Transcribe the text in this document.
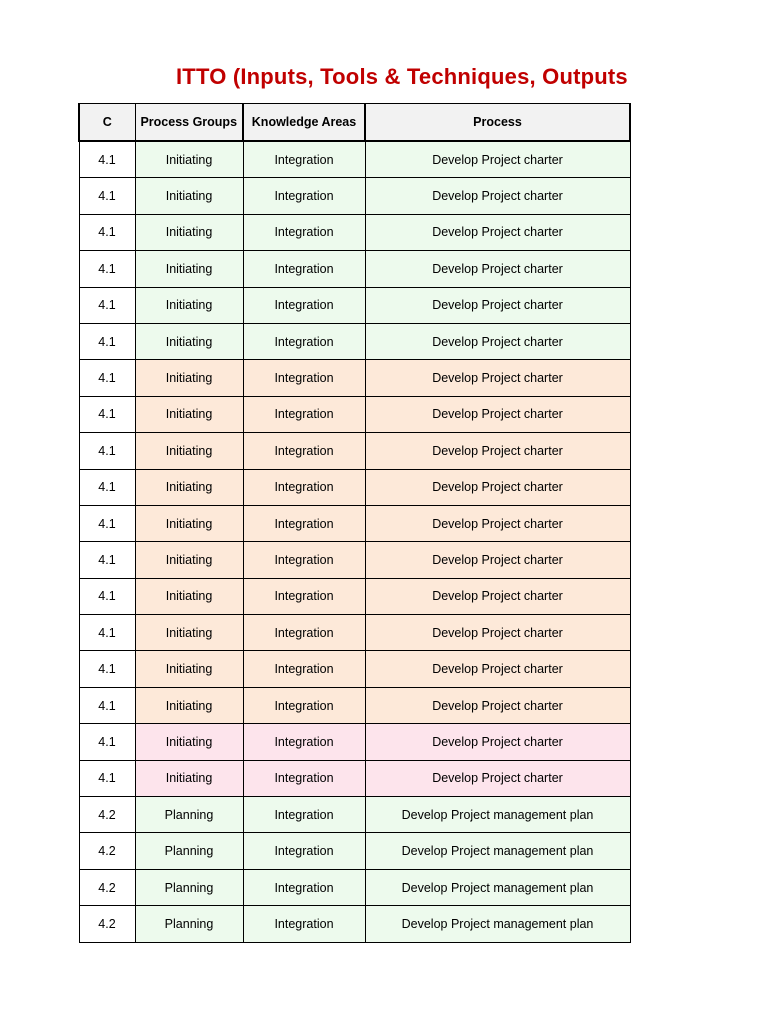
ITTO (Inputs, Tools & Techniques, Outputs
C	Process Groups	Knowledge Areas	Process
4.1	Initiating	Integration	Develop Project charter
4.1	Initiating	Integration	Develop Project charter
4.1	Initiating	Integration	Develop Project charter
4.1	Initiating	Integration	Develop Project charter
4.1	Initiating	Integration	Develop Project charter
4.1	Initiating	Integration	Develop Project charter
4.1	Initiating	Integration	Develop Project charter
4.1	Initiating	Integration	Develop Project charter
4.1	Initiating	Integration	Develop Project charter
4.1	Initiating	Integration	Develop Project charter
4.1	Initiating	Integration	Develop Project charter
4.1	Initiating	Integration	Develop Project charter
4.1	Initiating	Integration	Develop Project charter
4.1	Initiating	Integration	Develop Project charter
4.1	Initiating	Integration	Develop Project charter
4.1	Initiating	Integration	Develop Project charter
4.1	Initiating	Integration	Develop Project charter
4.1	Initiating	Integration	Develop Project charter
4.2	Planning	Integration	Develop Project management plan
4.2	Planning	Integration	Develop Project management plan
4.2	Planning	Integration	Develop Project management plan
4.2	Planning	Integration	Develop Project management plan
